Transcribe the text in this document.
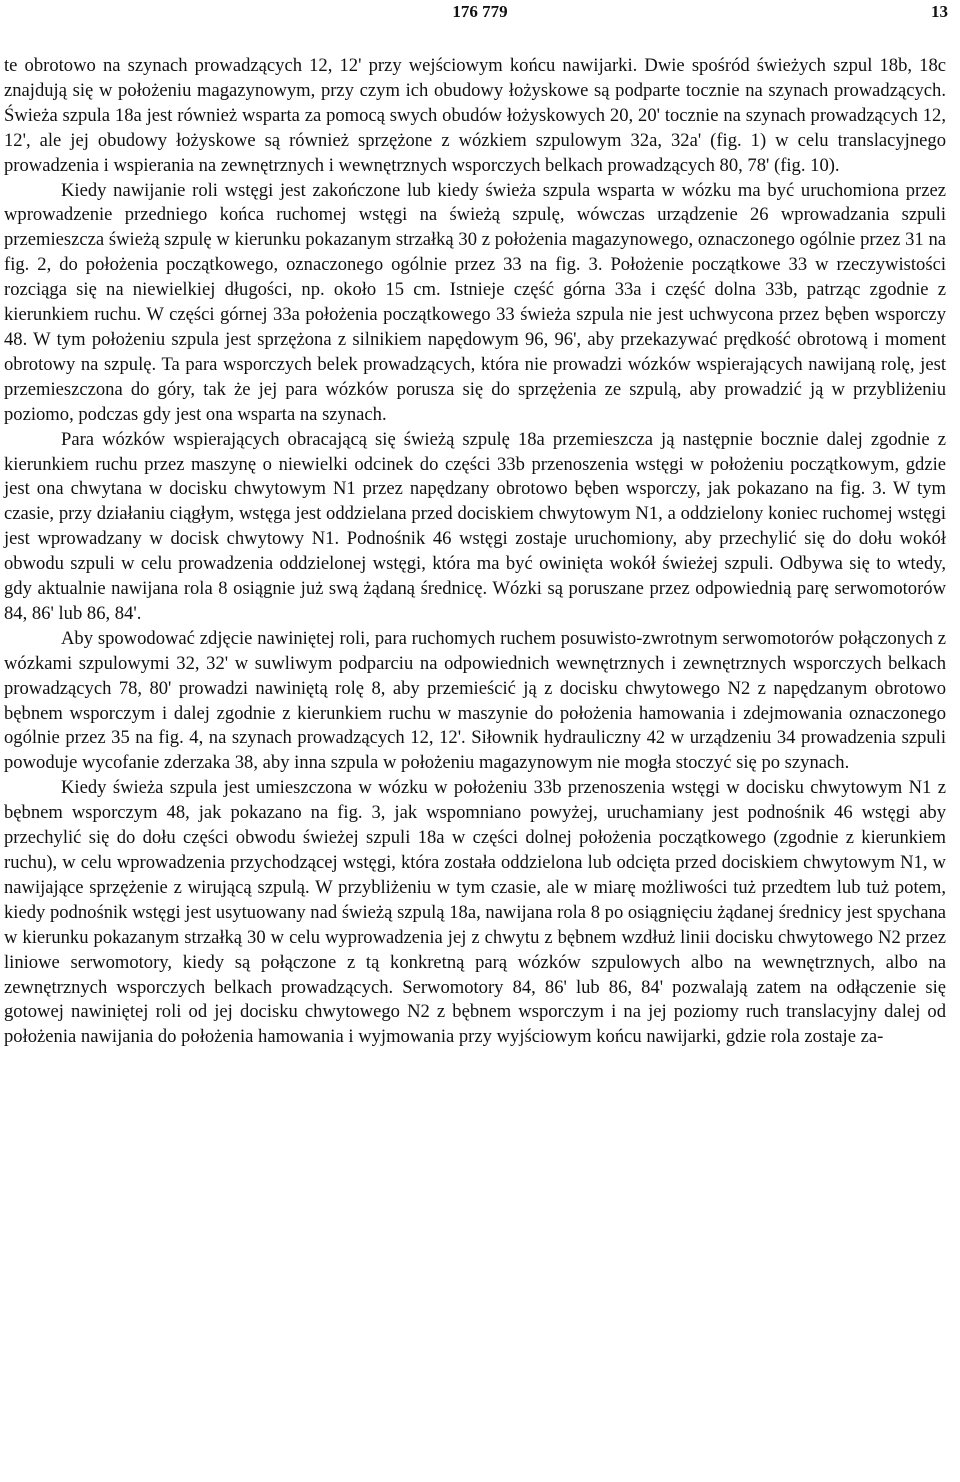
176 779	13

te obrotowo na szynach prowadzących 12, 12' przy wejściowym końcu nawijarki. Dwie spośród świeżych szpul 18b, 18c znajdują się w położeniu magazynowym, przy czym ich obudowy łożyskowe są podparte tocznie na szynach prowadzących. Świeża szpula 18a jest również wsparta za pomocą swych obudów łożyskowych 20, 20' tocznie na szynach prowadzących 12, 12', ale jej obudowy łożyskowe są również sprzężone z wózkiem szpulowym 32a, 32a' (fig. 1) w celu translacyjnego prowadzenia i wspierania na zewnętrznych i wewnętrznych wsporczych belkach prowadzących 80, 78' (fig. 10).

Kiedy nawijanie roli wstęgi jest zakończone lub kiedy świeża szpula wsparta w wózku ma być uruchomiona przez wprowadzenie przedniego końca ruchomej wstęgi na świeżą szpulę, wówczas urządzenie 26 wprowadzania szpuli przemieszcza świeżą szpulę w kierunku pokazanym strzałką 30 z położenia magazynowego, oznaczonego ogólnie przez 31 na fig. 2, do położenia początkowego, oznaczonego ogólnie przez 33 na fig. 3. Położenie początkowe 33 w rzeczywistości rozciąga się na niewielkiej długości, np. około 15 cm. Istnieje część górna 33a i część dolna 33b, patrząc zgodnie z kierunkiem ruchu. W części górnej 33a położenia początkowego 33 świeża szpula nie jest uchwycona przez bęben wsporczy 48. W tym położeniu szpula jest sprzężona z silnikiem napędowym 96, 96', aby przekazywać prędkość obrotową i moment obrotowy na szpulę. Ta para wsporczych belek prowadzących, która nie prowadzi wózków wspierających nawijaną rolę, jest przemieszczona do góry, tak że jej para wózków porusza się do sprzężenia ze szpulą, aby prowadzić ją w przybliżeniu poziomo, podczas gdy jest ona wsparta na szynach.

Para wózków wspierających obracającą się świeżą szpulę 18a przemieszcza ją następnie bocznie dalej zgodnie z kierunkiem ruchu przez maszynę o niewielki odcinek do części 33b przenoszenia wstęgi w położeniu początkowym, gdzie jest ona chwytana w docisku chwytowym N1 przez napędzany obrotowo bęben wsporczy, jak pokazano na fig. 3. W tym czasie, przy działaniu ciągłym, wstęga jest oddzielana przed dociskiem chwytowym N1, a oddzielony koniec ruchomej wstęgi jest wprowadzany w docisk chwytowy N1. Podnośnik 46 wstęgi zostaje uruchomiony, aby przechylić się do dołu wokół obwodu szpuli w celu prowadzenia oddzielonej wstęgi, która ma być owinięta wokół świeżej szpuli. Odbywa się to wtedy, gdy aktualnie nawijana rola 8 osiągnie już swą żądaną średnicę. Wózki są poruszane przez odpowiednią parę serwomotorów 84, 86' lub 86, 84'.

Aby spowodować zdjęcie nawiniętej roli, para ruchomych ruchem posuwisto-zwrotnym serwomotorów połączonych z wózkami szpulowymi 32, 32' w suwliwym podparciu na odpowiednich wewnętrznych i zewnętrznych wsporczych belkach prowadzących 78, 80' prowadzi nawiniętą rolę 8, aby przemieścić ją z docisku chwytowego N2 z napędzanym obrotowo bębnem wsporczym i dalej zgodnie z kierunkiem ruchu w maszynie do położenia hamowania i zdejmowania oznaczonego ogólnie przez 35 na fig. 4, na szynach prowadzących 12, 12'. Siłownik hydrauliczny 42 w urządzeniu 34 prowadzenia szpuli powoduje wycofanie zderzaka 38, aby inna szpula w położeniu magazynowym nie mogła stoczyć się po szynach.

Kiedy świeża szpula jest umieszczona w wózku w położeniu 33b przenoszenia wstęgi w docisku chwytowym N1 z bębnem wsporczym 48, jak pokazano na fig. 3, jak wspomniano powyżej, uruchamiany jest podnośnik 46 wstęgi aby przechylić się do dołu części obwodu świeżej szpuli 18a w części dolnej położenia początkowego (zgodnie z kierunkiem ruchu), w celu wprowadzenia przychodzącej wstęgi, która została oddzielona lub odcięta przed dociskiem chwytowym N1, w nawijające sprzężenie z wirującą szpulą. W przybliżeniu w tym czasie, ale w miarę możliwości tuż przedtem lub tuż potem, kiedy podnośnik wstęgi jest usytuowany nad świeżą szpulą 18a, nawijana rola 8 po osiągnięciu żądanej średnicy jest spychana w kierunku pokazanym strzałką 30 w celu wyprowadzenia jej z chwytu z bębnem wzdłuż linii docisku chwytowego N2 przez liniowe serwomotory, kiedy są połączone z tą konkretną parą wózków szpulowych albo na wewnętrznych, albo na zewnętrznych wsporczych belkach prowadzących. Serwomotory 84, 86' lub 86, 84' pozwalają zatem na odłączenie się gotowej nawiniętej roli od jej docisku chwytowego N2 z bębnem wsporczym i na jej poziomy ruch translacyjny dalej od położenia nawijania do położenia hamowania i wyjmowania przy wyjściowym końcu nawijarki, gdzie rola zostaje za-
